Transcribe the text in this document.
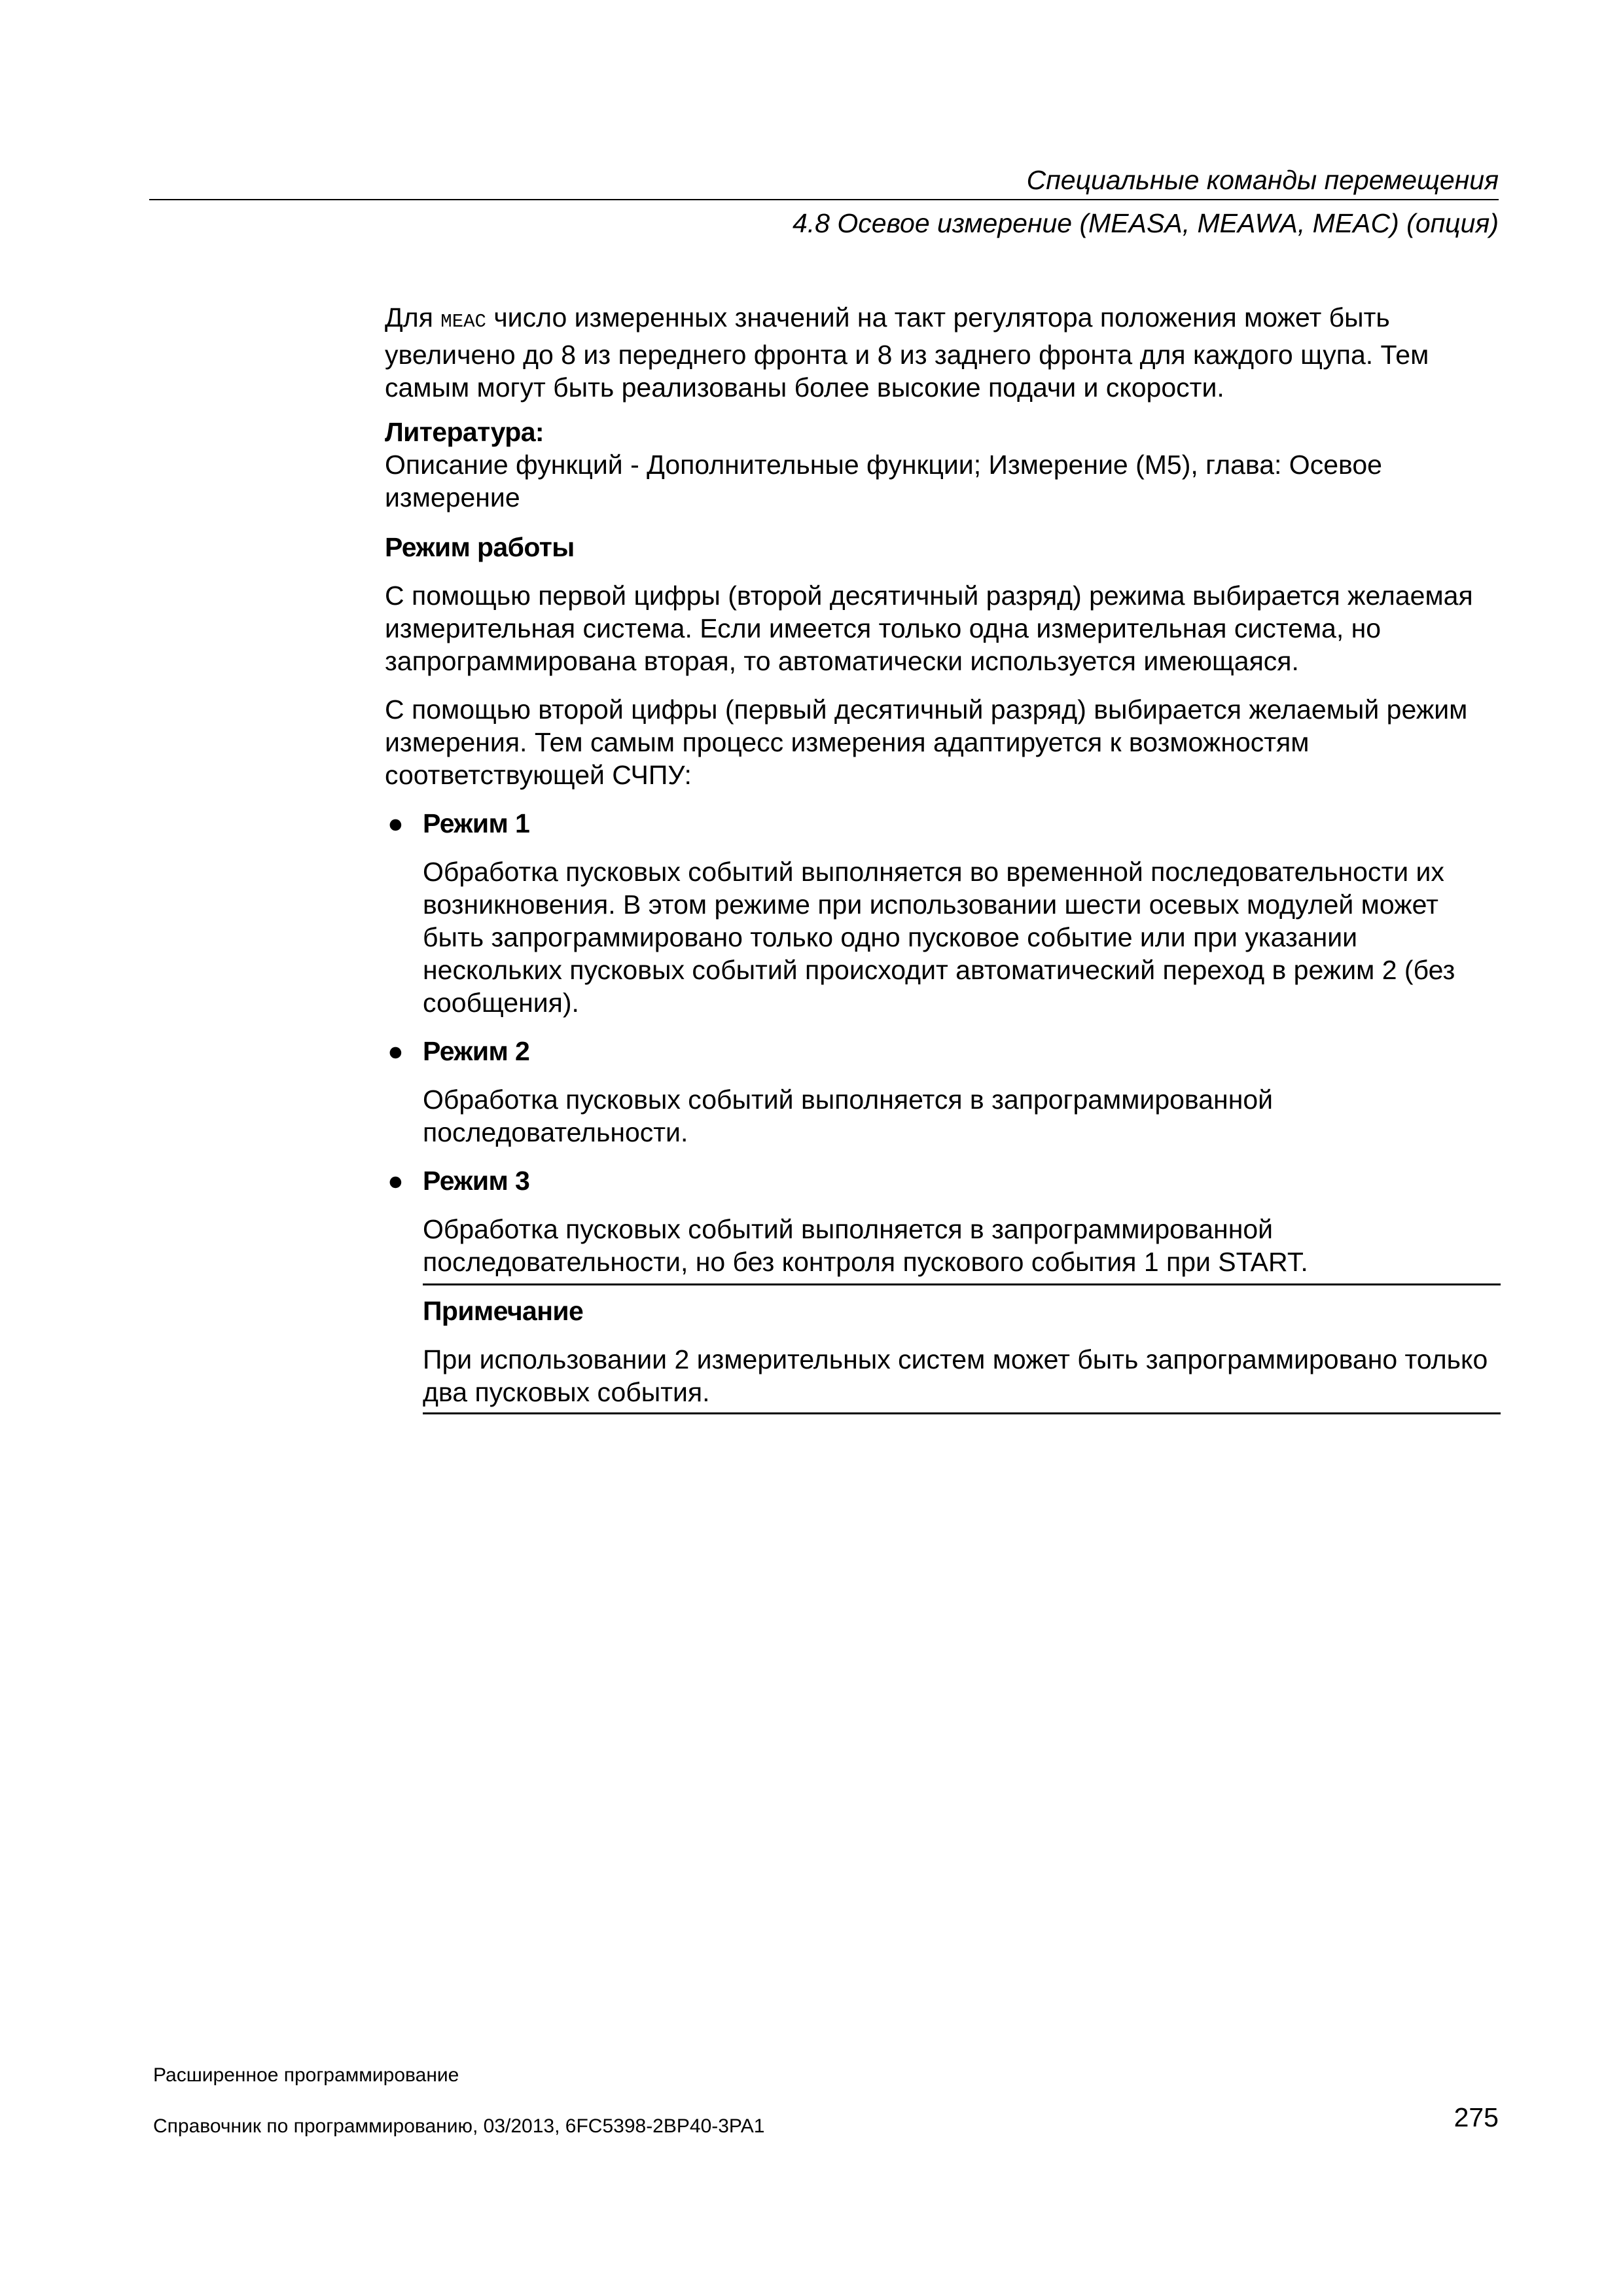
Специальные команды перемещения
4.8 Осевое измерение (MEASA, MEAWA, MEAC) (опция)

Для MEAC число измеренных значений на такт регулятора положения может быть увеличено до 8 из переднего фронта и 8 из заднего фронта для каждого щупа. Тем самым могут быть реализованы более высокие подачи и скорости.

Литература:

Описание функций - Дополнительные функции; Измерение (M5), глава: Осевое измерение

Режим работы

С помощью первой цифры (второй десятичный разряд) режима выбирается желаемая измерительная система. Если имеется только одна измерительная система, но запрограммирована вторая, то автоматически используется имеющаяся.

С помощью второй цифры (первый десятичный разряд) выбирается желаемый режим измерения. Тем самым процесс измерения адаптируется к возможностям соответствующей СЧПУ:

● Режим 1

Обработка пусковых событий выполняется во временной последовательности их возникновения. В этом режиме при использовании шести осевых модулей может быть запрограммировано только одно пусковое событие или при указании нескольких пусковых событий происходит автоматический переход в режим 2 (без сообщения).

● Режим 2

Обработка пусковых событий выполняется в запрограммированной последовательности.

● Режим 3

Обработка пусковых событий выполняется в запрограммированной последовательности, но без контроля пускового события 1 при START.

Примечание

При использовании 2 измерительных систем может быть запрограммировано только два пусковых события.

Расширенное программирование
Справочник по программированию, 03/2013, 6FC5398-2BP40-3PA1	275
